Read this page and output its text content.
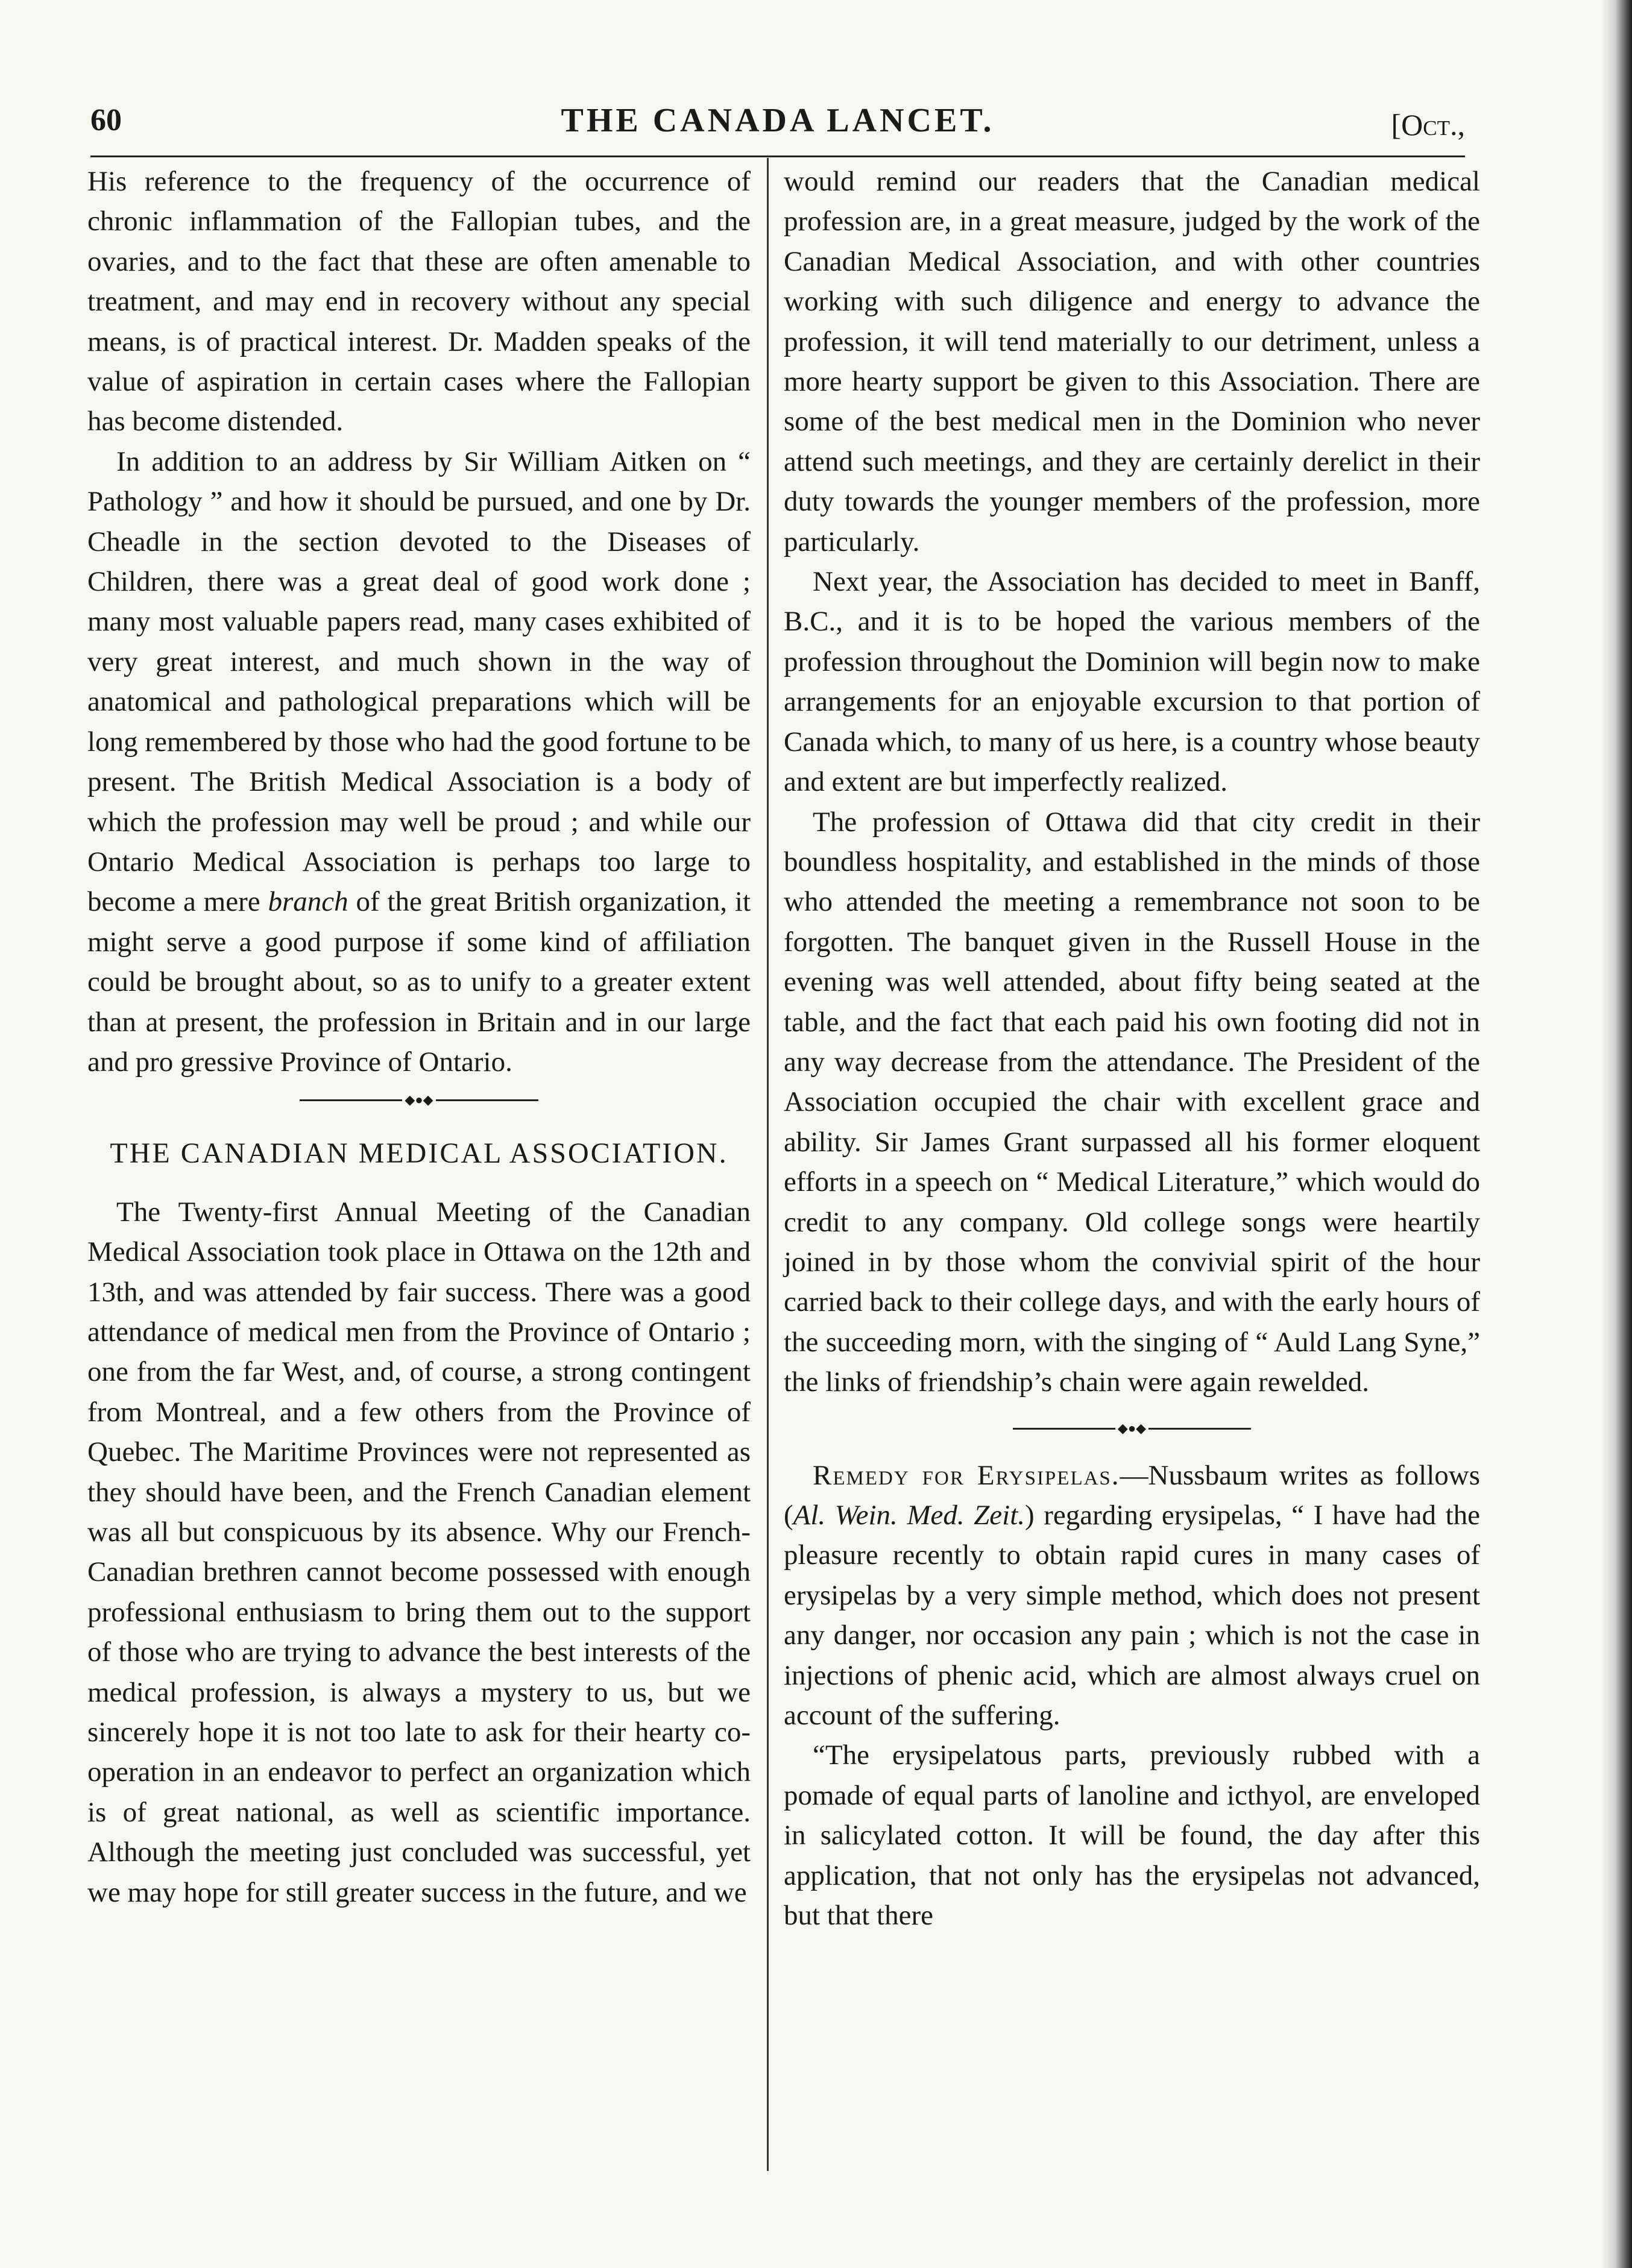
60	THE CANADA LANCET.	[Oct.,

His reference to the frequency of the occurrence of chronic inflammation of the Fallopian tubes, and the ovaries, and to the fact that these are often amenable to treatment, and may end in recovery without any special means, is of practical interest. Dr. Madden speaks of the value of aspiration in certain cases where the Fallopian has become distended.

In addition to an address by Sir William Aitken on “ Pathology ” and how it should be pursued, and one by Dr. Cheadle in the section devoted to the Diseases of Children, there was a great deal of good work done ; many most valuable papers read, many cases exhibited of very great interest, and much shown in the way of anatomical and pathological preparations which will be long remembered by those who had the good fortune to be present. The British Medical Association is a body of which the profession may well be proud ; and while our Ontario Medical Association is perhaps too large to become a mere branch of the great British organization, it might serve a good purpose if some kind of affiliation could be brought about, so as to unify to a greater extent than at present, the profession in Britain and in our large and pro gressive Province of Ontario.

◆●◆
THE CANADIAN MEDICAL ASSOCIATION.

The Twenty-first Annual Meeting of the Canadian Medical Association took place in Ottawa on the 12th and 13th, and was attended by fair success. There was a good attendance of medical men from the Province of Ontario ; one from the far West, and, of course, a strong contingent from Montreal, and a few others from the Province of Quebec. The Maritime Provinces were not represented as they should have been, and the French Canadian element was all but conspicuous by its absence. Why our French-Canadian brethren cannot become possessed with enough professional enthusiasm to bring them out to the support of those who are trying to advance the best interests of the medical profession, is always a mystery to us, but we sincerely hope it is not too late to ask for their hearty co-operation in an endeavor to perfect an organization which is of great national, as well as scientific importance. Although the meeting just concluded was successful, yet we may hope for still greater success in the future, and we

would remind our readers that the Canadian medical profession are, in a great measure, judged by the work of the Canadian Medical Association, and with other countries working with such diligence and energy to advance the profession, it will tend materially to our detriment, unless a more hearty support be given to this Association. There are some of the best medical men in the Dominion who never attend such meetings, and they are certainly derelict in their duty towards the younger members of the profession, more particularly.

Next year, the Association has decided to meet in Banff, B.C., and it is to be hoped the various members of the profession throughout the Dominion will begin now to make arrangements for an enjoyable excursion to that portion of Canada which, to many of us here, is a country whose beauty and extent are but imperfectly realized.

The profession of Ottawa did that city credit in their boundless hospitality, and established in the minds of those who attended the meeting a remembrance not soon to be forgotten. The banquet given in the Russell House in the evening was well attended, about fifty being seated at the table, and the fact that each paid his own footing did not in any way decrease from the attendance. The President of the Association occupied the chair with excellent grace and ability. Sir James Grant surpassed all his former eloquent efforts in a speech on “ Medical Literature,” which would do credit to any company. Old college songs were heartily joined in by those whom the convivial spirit of the hour carried back to their college days, and with the early hours of the succeeding morn, with the singing of “ Auld Lang Syne,” the links of friendship’s chain were again rewelded.

◆●◆

Remedy for Erysipelas.—Nussbaum writes as follows (Al. Wein. Med. Zeit.) regarding erysipelas, “ I have had the pleasure recently to obtain rapid cures in many cases of erysipelas by a very simple method, which does not present any danger, nor occasion any pain ; which is not the case in injections of phenic acid, which are almost always cruel on account of the suffering.

“The erysipelatous parts, previously rubbed with a pomade of equal parts of lanoline and icthyol, are enveloped in salicylated cotton. It will be found, the day after this application, that not only has the erysipelas not advanced, but that there
